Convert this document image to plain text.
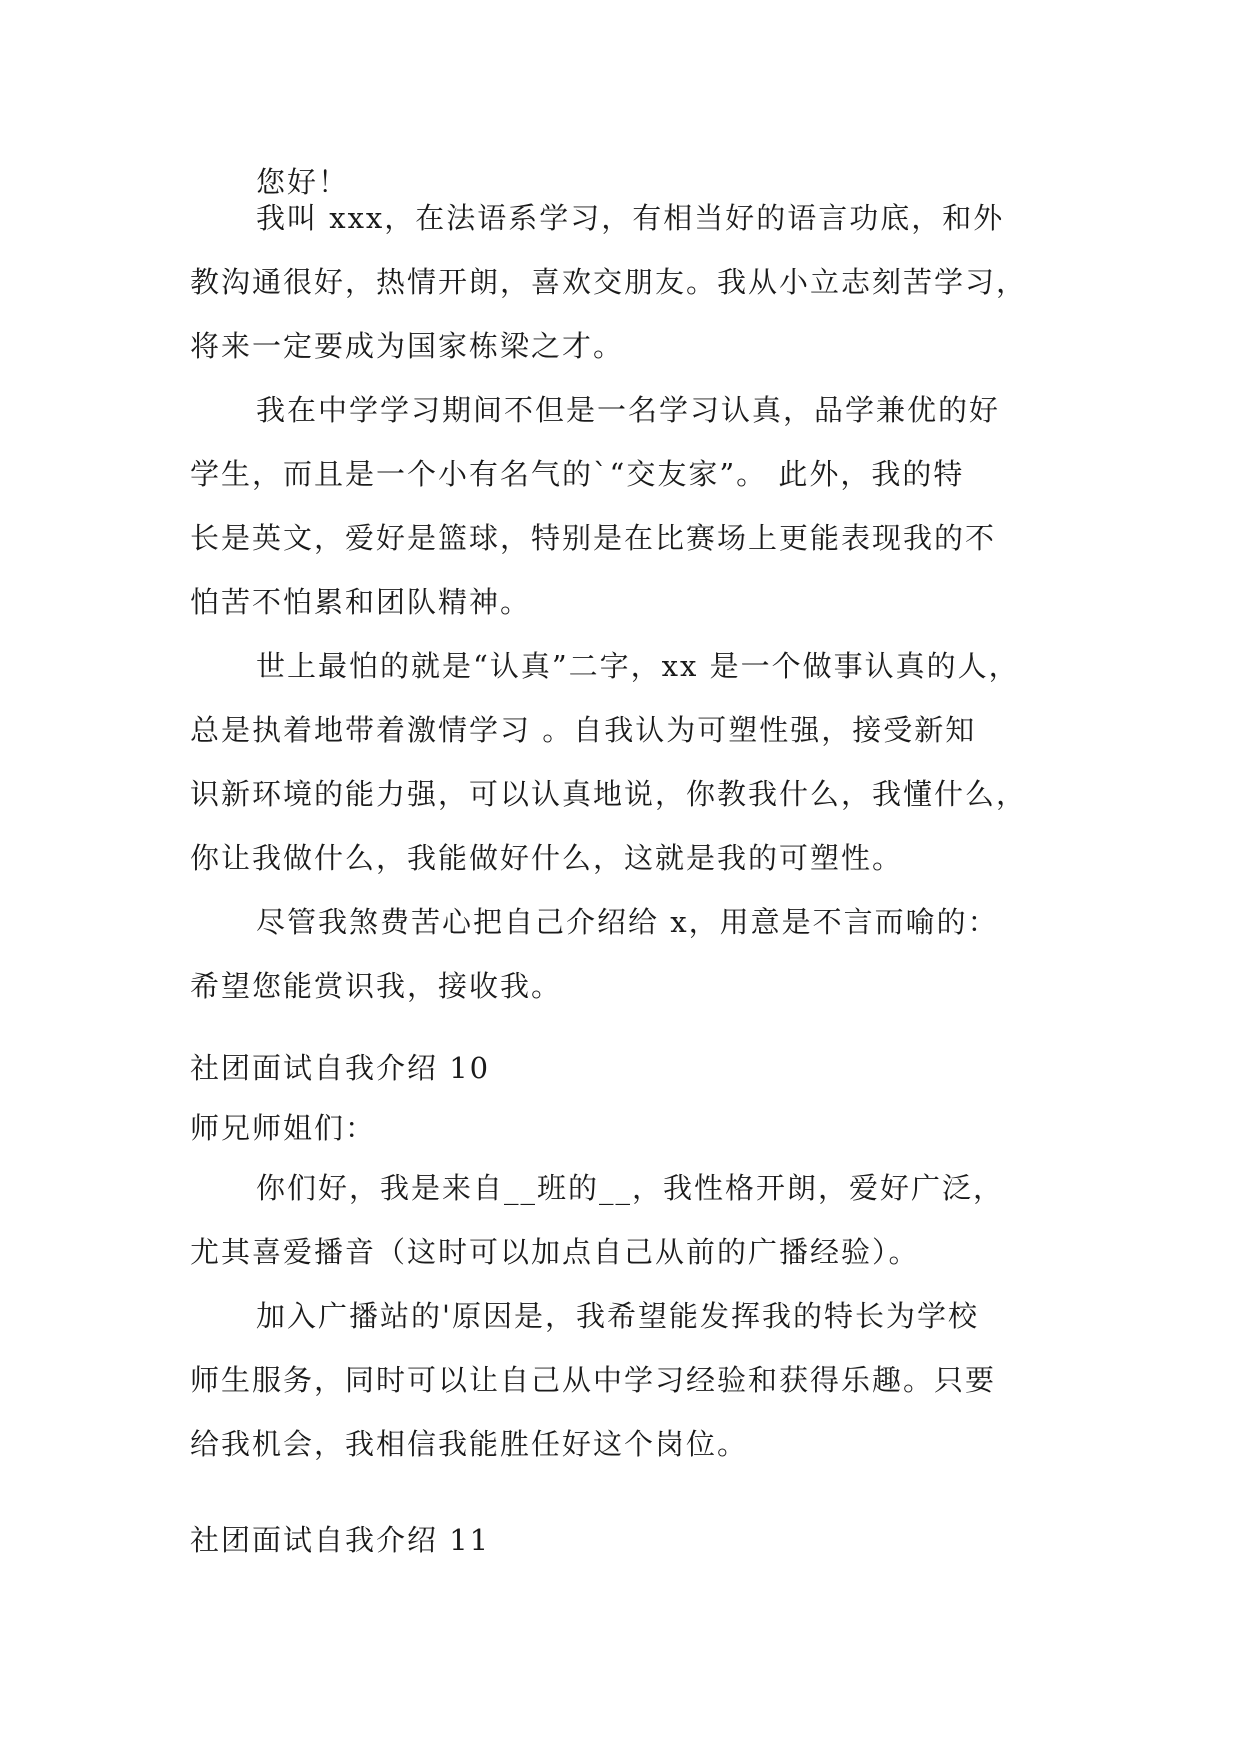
您好！

我叫 xxx，在法语系学习，有相当好的语言功底，和外
教沟通很好，热情开朗，喜欢交朋友。我从小立志刻苦学习，
将来一定要成为国家栋梁之才。

我在中学学习期间不但是一名学习认真，品学兼优的好
学生，而且是一个小有名气的`“交友家”。 此外，我的特
长是英文，爱好是篮球，特别是在比赛场上更能表现我的不
怕苦不怕累和团队精神。

世上最怕的就是“认真”二字，xx 是一个做事认真的人，
总是执着地带着激情学习 。自我认为可塑性强，接受新知
识新环境的能力强，可以认真地说，你教我什么，我懂什么，
你让我做什么，我能做好什么，这就是我的可塑性。

尽管我煞费苦心把自己介绍给 x，用意是不言而喻的：
希望您能赏识我，接收我。

社团面试自我介绍 10

师兄师姐们：

你们好，我是来自__班的__，我性格开朗，爱好广泛，
尤其喜爱播音（这时可以加点自己从前的广播经验）。

加入广播站的'原因是，我希望能发挥我的特长为学校
师生服务，同时可以让自己从中学习经验和获得乐趣。只要
给我机会，我相信我能胜任好这个岗位。

社团面试自我介绍 11
